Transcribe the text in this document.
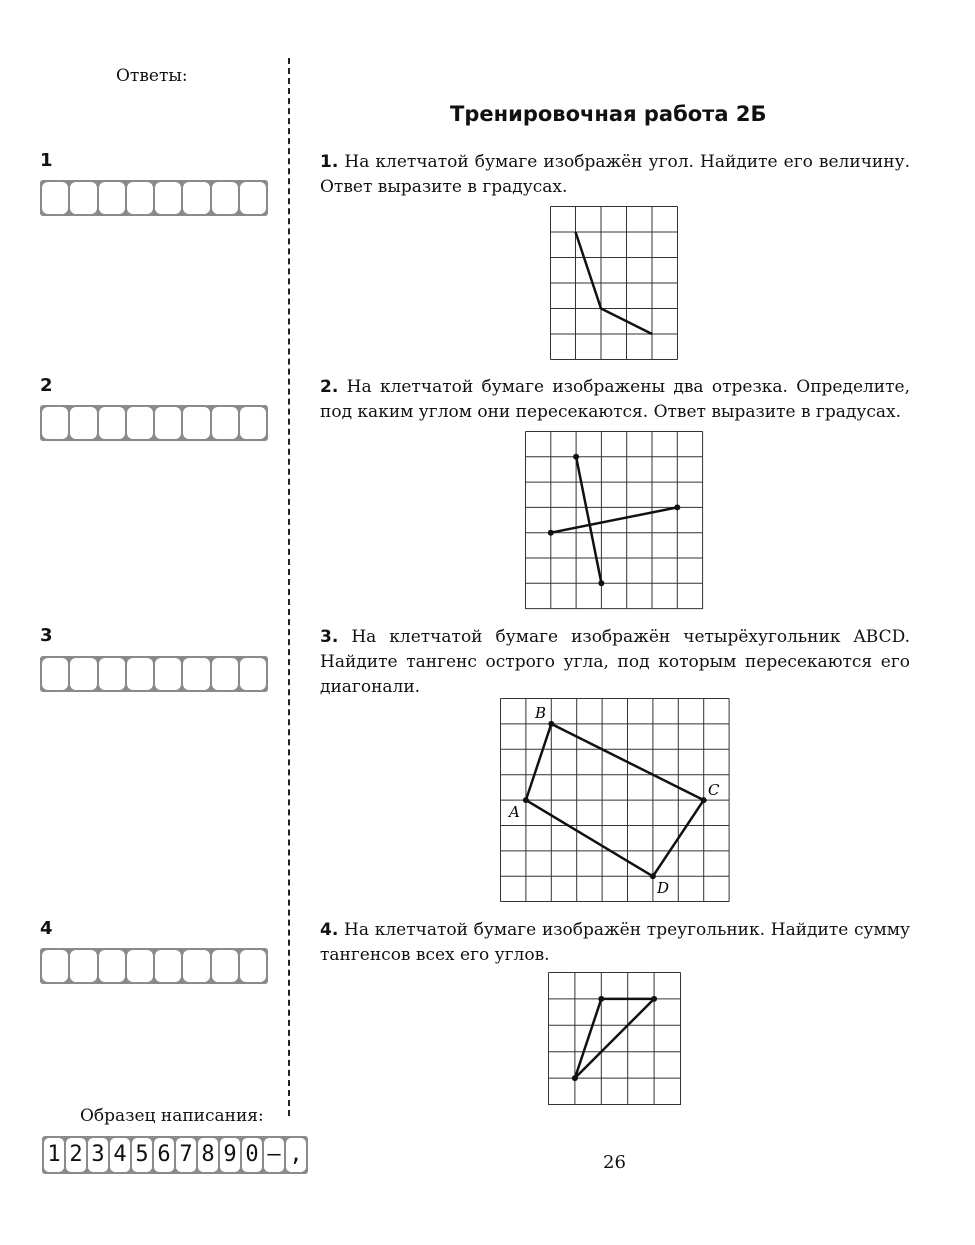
Ответы:
1
2
3
4
Образец написания:
1 2 3 4 5 6 7 8 9 0 – ,
Тренировочная работа 2Б
1. На клетчатой бумаге изображён угол. Найдите его величину. Ответ выразите в градусах.
2. На клетчатой бумаге изображены два отрезка. Определите, под каким углом они пересекаются. Ответ выразите в градусах.
3. На клетчатой бумаге изображён четырёхугольник ABCD. Найдите тангенс острого угла, под которым пересекаются его диагонали.
A
B
C
D
4. На клетчатой бумаге изображён треугольник. Найдите сумму тангенсов всех его углов.
26
